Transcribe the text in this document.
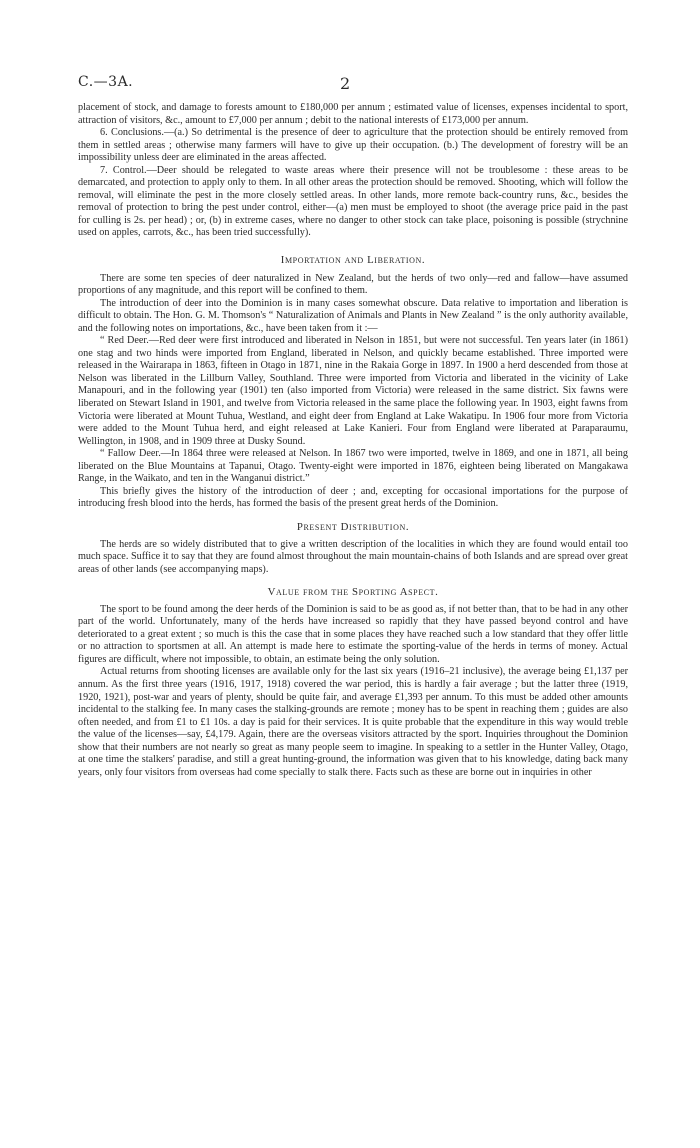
C.—3A.	2

placement of stock, and damage to forests amount to £180,000 per annum ; estimated value of licenses, expenses incidental to sport, attraction of visitors, &c., amount to £7,000 per annum ; debit to the national interests of £173,000 per annum.

6. Conclusions.—(a.) So detrimental is the presence of deer to agriculture that the protection should be entirely removed from them in settled areas ; otherwise many farmers will have to give up their occupation. (b.) The development of forestry will be an impossibility unless deer are eliminated in the areas affected.

7. Control.—Deer should be relegated to waste areas where their presence will not be troublesome : these areas to be demarcated, and protection to apply only to them. In all other areas the protection should be removed. Shooting, which will follow the removal, will eliminate the pest in the more closely settled areas. In other lands, more remote back-country runs, &c., besides the removal of protection to bring the pest under control, either—(a) men must be employed to shoot (the average price paid in the past for culling is 2s. per head) ; or, (b) in extreme cases, where no danger to other stock can take place, poisoning is possible (strychnine used on apples, carrots, &c., has been tried successfully).

Importation and Liberation.

There are some ten species of deer naturalized in New Zealand, but the herds of two only—red and fallow—have assumed proportions of any magnitude, and this report will be confined to them.

The introduction of deer into the Dominion is in many cases somewhat obscure. Data relative to importation and liberation is difficult to obtain. The Hon. G. M. Thomson's “ Naturalization of Animals and Plants in New Zealand ” is the only authority available, and the following notes on importations, &c., have been taken from it :—

“ Red Deer.—Red deer were first introduced and liberated in Nelson in 1851, but were not successful. Ten years later (in 1861) one stag and two hinds were imported from England, liberated in Nelson, and quickly became established. Three imported were released in the Wairarapa in 1863, fifteen in Otago in 1871, nine in the Rakaia Gorge in 1897. In 1900 a herd descended from those at Nelson was liberated in the Lillburn Valley, Southland. Three were imported from Victoria and liberated in the vicinity of Lake Manapouri, and in the following year (1901) ten (also imported from Victoria) were released in the same district. Six fawns were liberated on Stewart Island in 1901, and twelve from Victoria released in the same place the following year. In 1903, eight fawns from Victoria were liberated at Mount Tuhua, Westland, and eight deer from England at Lake Wakatipu. In 1906 four more from Victoria were added to the Mount Tuhua herd, and eight released at Lake Kanieri. Four from England were liberated at Paraparaumu, Wellington, in 1908, and in 1909 three at Dusky Sound.

“ Fallow Deer.—In 1864 three were released at Nelson. In 1867 two were imported, twelve in 1869, and one in 1871, all being liberated on the Blue Mountains at Tapanui, Otago. Twenty-eight were imported in 1876, eighteen being liberated on Mangakawa Range, in the Waikato, and ten in the Wanganui district.”

This briefly gives the history of the introduction of deer ; and, excepting for occasional importations for the purpose of introducing fresh blood into the herds, has formed the basis of the present great herds of the Dominion.

Present Distribution.

The herds are so widely distributed that to give a written description of the localities in which they are found would entail too much space. Suffice it to say that they are found almost throughout the main mountain-chains of both Islands and are spread over great areas of other lands (see accompanying maps).

Value from the Sporting Aspect.

The sport to be found among the deer herds of the Dominion is said to be as good as, if not better than, that to be had in any other part of the world. Unfortunately, many of the herds have increased so rapidly that they have passed beyond control and have deteriorated to a great extent ; so much is this the case that in some places they have reached such a low standard that they offer little or no attraction to sportsmen at all. An attempt is made here to estimate the sporting-value of the herds in terms of money. Actual figures are difficult, where not impossible, to obtain, an estimate being the only solution.

Actual returns from shooting licenses are available only for the last six years (1916–21 inclusive), the average being £1,137 per annum. As the first three years (1916, 1917, 1918) covered the war period, this is hardly a fair average ; but the latter three (1919, 1920, 1921), post-war and years of plenty, should be quite fair, and average £1,393 per annum. To this must be added other amounts incidental to the stalking fee. In many cases the stalking-grounds are remote ; money has to be spent in reaching them ; guides are also often needed, and from £1 to £1 10s. a day is paid for their services. It is quite probable that the expenditure in this way would treble the value of the licenses—say, £4,179. Again, there are the overseas visitors attracted by the sport. Inquiries throughout the Dominion show that their numbers are not nearly so great as many people seem to imagine. In speaking to a settler in the Hunter Valley, Otago, at one time the stalkers' paradise, and still a great hunting-ground, the information was given that to his knowledge, dating back many years, only four visitors from overseas had come specially to stalk there. Facts such as these are borne out in inquiries in other
